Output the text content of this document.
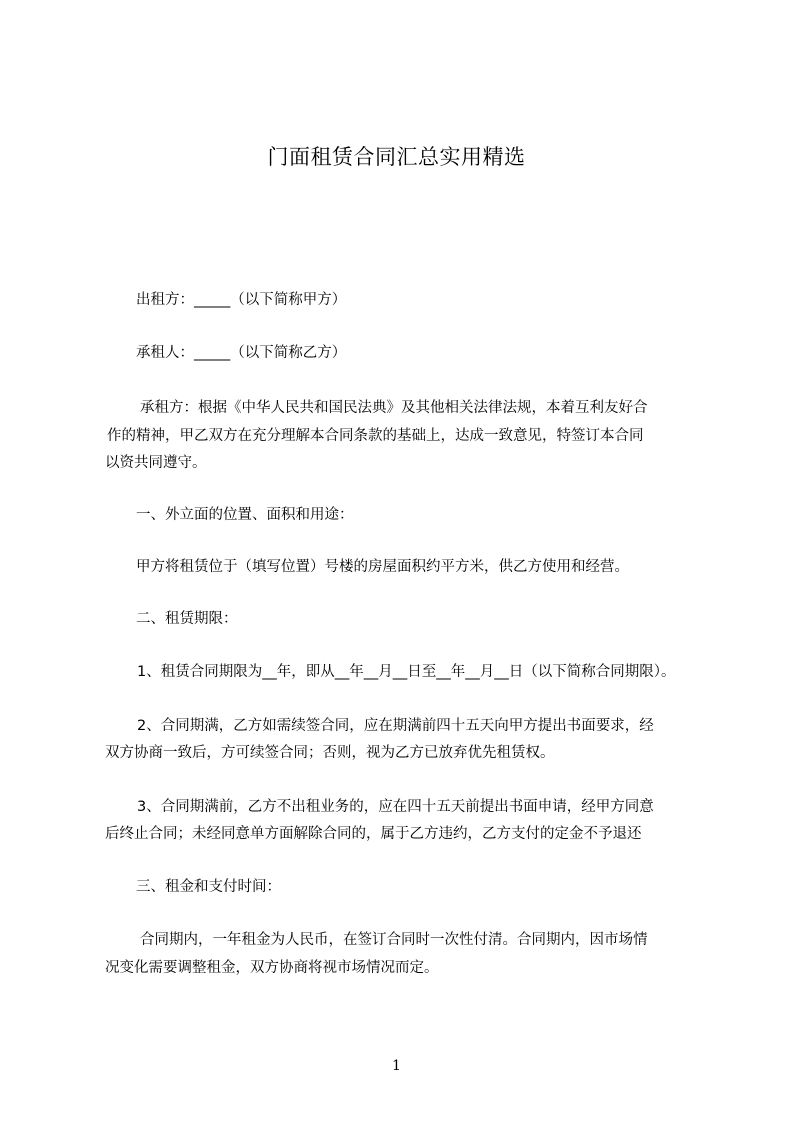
门面租赁合同汇总实用精选
出租方：_____（以下简称甲方）
承租人：_____（以下简称乙方）
承租方：根据《中华人民共和国民法典》及其他相关法律法规，本着互利友好合
作的精神，甲乙双方在充分理解本合同条款的基础上，达成一致意见，特签订本合同
以资共同遵守。
一、外立面的位置、面积和用途：
甲方将租赁位于（填写位置）号楼的房屋面积约平方米，供乙方使用和经营。
二、租赁期限：
1、租赁合同期限为__年，即从__年__月__日至__年__月__日（以下简称合同期限）。
2、合同期满，乙方如需续签合同，应在期满前四十五天向甲方提出书面要求，经
双方协商一致后，方可续签合同；否则，视为乙方已放弃优先租赁权。
3、合同期满前，乙方不出租业务的，应在四十五天前提出书面申请，经甲方同意
后终止合同；未经同意单方面解除合同的，属于乙方违约，乙方支付的定金不予退还
三、租金和支付时间：
合同期内，一年租金为人民币，在签订合同时一次性付清。合同期内，因市场情
况变化需要调整租金，双方协商将视市场情况而定。
1
